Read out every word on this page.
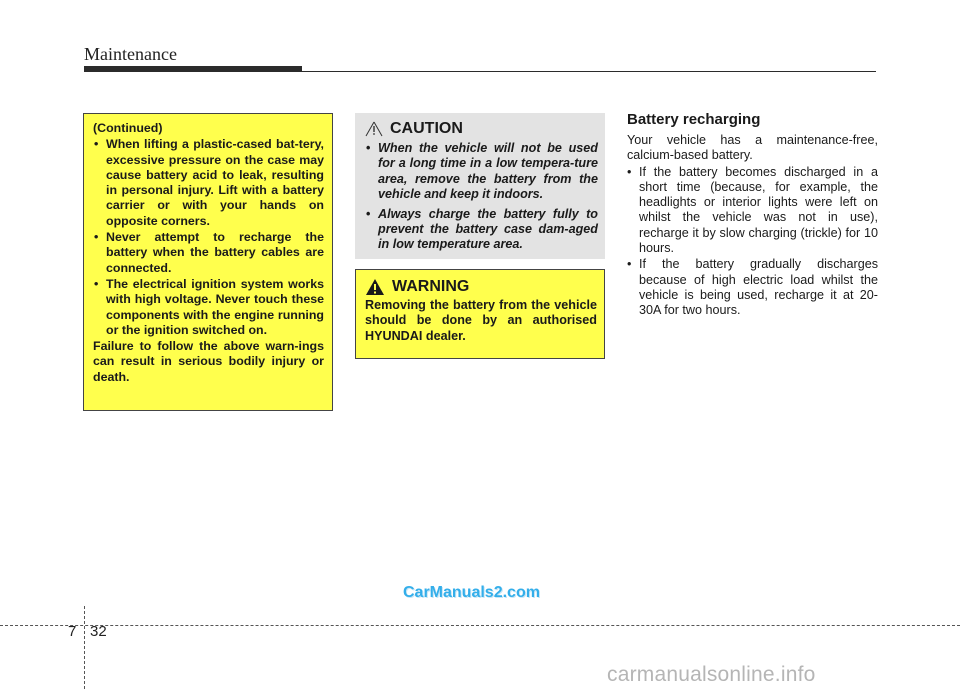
Maintenance

(Continued)

• When lifting a plastic-cased bat-tery, excessive pressure on the case may cause battery acid to leak, resulting in personal injury. Lift with a battery carrier or with your hands on opposite corners.
• Never attempt to recharge the battery when the battery cables are connected.
• The electrical ignition system works with high voltage. Never touch these components with the engine running or the ignition switched on.

Failure to follow the above warn-ings can result in serious bodily injury or death.

CAUTION
• When the vehicle will not be used for a long time in a low tempera-ture area, remove the battery from the vehicle and keep it indoors.
• Always charge the battery fully to prevent the battery case dam-aged in low temperature area.
WARNING

Removing the battery from the vehicle should be done by an authorised HYUNDAI dealer.

Battery recharging

Your vehicle has a maintenance-free, calcium-based battery.

• If the battery becomes discharged in a short time (because, for example, the headlights or interior lights were left on whilst the vehicle was not in use), recharge it by slow charging (trickle) for 10 hours.
• If the battery gradually discharges because of high electric load whilst the vehicle is being used, recharge it at 20-30A for two hours.
CarManuals2.com
7 32
carmanualsonline.info
